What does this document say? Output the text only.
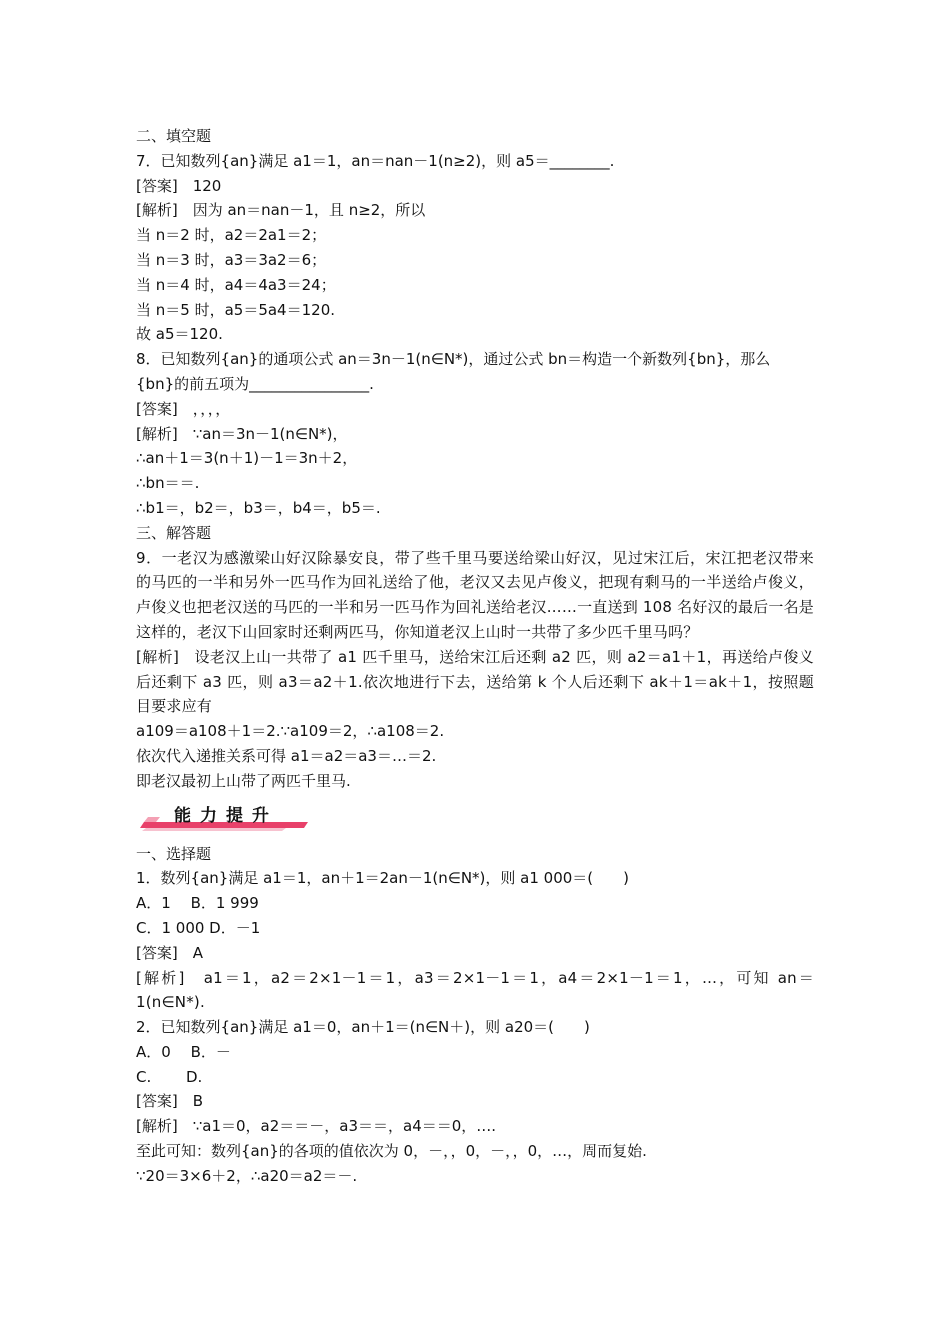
二、填空题
7．已知数列{an}满足 a1＝1，an＝nan－1(n≥2)，则 a5＝________.
[答案]　120
[解析]　因为 an＝nan－1，且 n≥2，所以
当 n＝2 时，a2＝2a1＝2；
当 n＝3 时，a3＝3a2＝6；
当 n＝4 时，a4＝4a3＝24；
当 n＝5 时，a5＝5a4＝120.
故 a5＝120.
8．已知数列{an}的通项公式 an＝3n－1(n∈N*)，通过公式 bn＝构造一个新数列{bn}，那么
{bn}的前五项为________________.
[答案]　，，，，
[解析]　∵an＝3n－1(n∈N*)，
∴an＋1＝3(n＋1)－1＝3n＋2，
∴bn＝＝.
∴b1＝，b2＝，b3＝，b4＝，b5＝.
三、解答题
9．一老汉为感激梁山好汉除暴安良，带了些千里马要送给梁山好汉，见过宋江后，宋江把老汉带来的马匹的一半和另外一匹马作为回礼送给了他，老汉又去见卢俊义，把现有剩马的一半送给卢俊义，卢俊义也把老汉送的马匹的一半和另一匹马作为回礼送给老汉……一直送到 108 名好汉的最后一名是这样的，老汉下山回家时还剩两匹马，你知道老汉上山时一共带了多少匹千里马吗？
[解析]　设老汉上山一共带了 a1 匹千里马，送给宋江后还剩 a2 匹，则 a2＝a1＋1，再送给卢俊义后还剩下 a3 匹，则 a3＝a2＋1.依次地进行下去，送给第 k 个人后还剩下 ak＋1＝ak＋1，按照题目要求应有
a109＝a108＋1＝2.∵a109＝2，∴a108＝2.
依次代入递推关系可得 a1＝a2＝a3＝…＝2.
即老汉最初上山带了两匹千里马.
能力提升
一、选择题
1．数列{an}满足 a1＝1，an＋1＝2an－1(n∈N*)，则 a1 000＝(　　)
A．1　 B．1 999
C．1 000 D．－1
[答案]　A
[解析]　a1＝1，a2＝2×1－1＝1，a3＝2×1－1＝1，a4＝2×1－1＝1，…，可知 an＝1(n∈N*).
2．已知数列{an}满足 a1＝0，an＋1＝(n∈N＋)，则 a20＝(　　)
A．0　 B．－
C.　　 D.
[答案]　B
[解析]　∵a1＝0，a2＝＝－，a3＝＝，a4＝＝0，….
至此可知：数列{an}的各项的值依次为 0，－，，0，－，，0，…，周而复始.
∵20＝3×6＋2，∴a20＝a2＝－.
